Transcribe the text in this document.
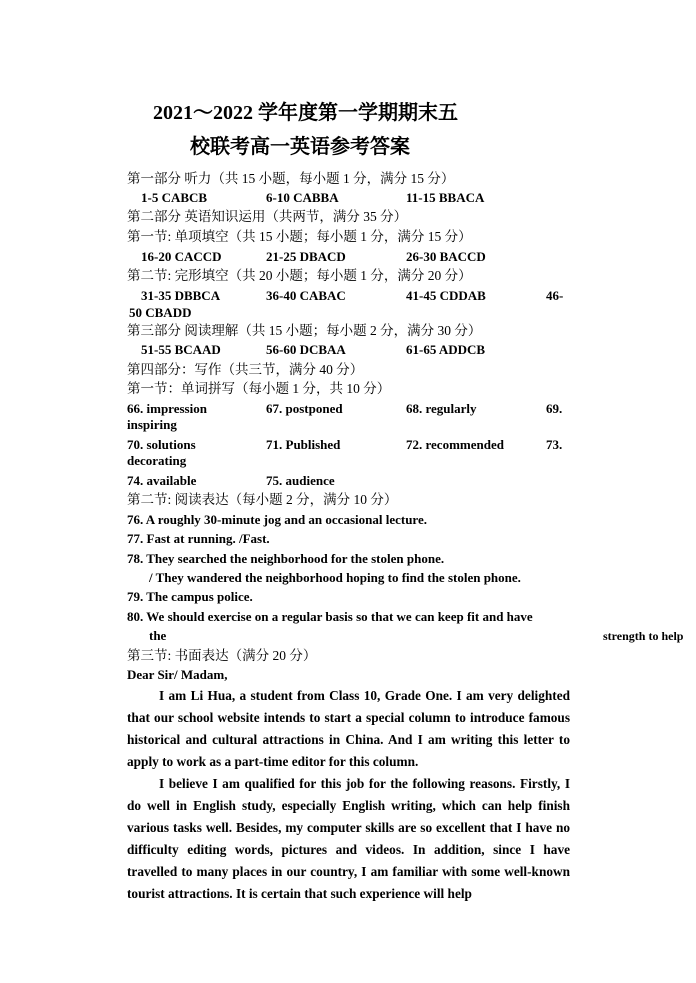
2021～2022 学年度第一学期期末五
校联考高一英语参考答案
第一部分 听力（共 15 小题，每小题 1 分，满分 15 分）
1-5 CABCB	6-10 CABBA	11-15 BBACA
第二部分 英语知识运用（共两节，满分 35 分）
第一节: 单项填空（共 15 小题；每小题 1 分，满分 15 分）
16-20 CACCD	21-25 DBACD	26-30 BACCD
第二节: 完形填空（共 20 小题；每小题 1 分，满分 20 分）
31-35 DBBCA	36-40 CABAC	41-45 CDDAB	46-
50 CBADD
第三部分 阅读理解（共 15 小题；每小题 2 分，满分 30 分）
51-55 BCAAD	56-60 DCBAA	61-65 ADDCB
第四部分：写作（共三节，满分 40 分）
第一节：单词拼写（每小题 1 分，共 10 分）
66. impression	67. postponed	68. regularly	69.
inspiring
70. solutions	71. Published	72. recommended	73.
decorating
74. available	75. audience
第二节: 阅读表达（每小题 2 分，满分 10 分）
76. A roughly 30-minute jog and an occasional lecture.
77. Fast at running. /Fast.
78. They searched the neighborhood for the stolen phone.
/ They wandered the neighborhood hoping to find the stolen phone.
79. The campus police.
80. We should exercise on a regular basis so that we can keep fit and have
the	strength to help
第三节: 书面表达（满分 20 分）
Dear Sir/ Madam,

I am Li Hua, a student from Class 10, Grade One. I am very delighted that our school website intends to start a special column to introduce famous historical and cultural attractions in China. And I am writing this letter to apply to work as a part-time editor for this column.

I believe I am qualified for this job for the following reasons. Firstly, I do well in English study, especially English writing, which can help finish various tasks well. Besides, my computer skills are so excellent that I have no difficulty editing words, pictures and videos. In addition, since I have travelled to many places in our country, I am familiar with some well-known tourist attractions. It is certain that such experience will help
